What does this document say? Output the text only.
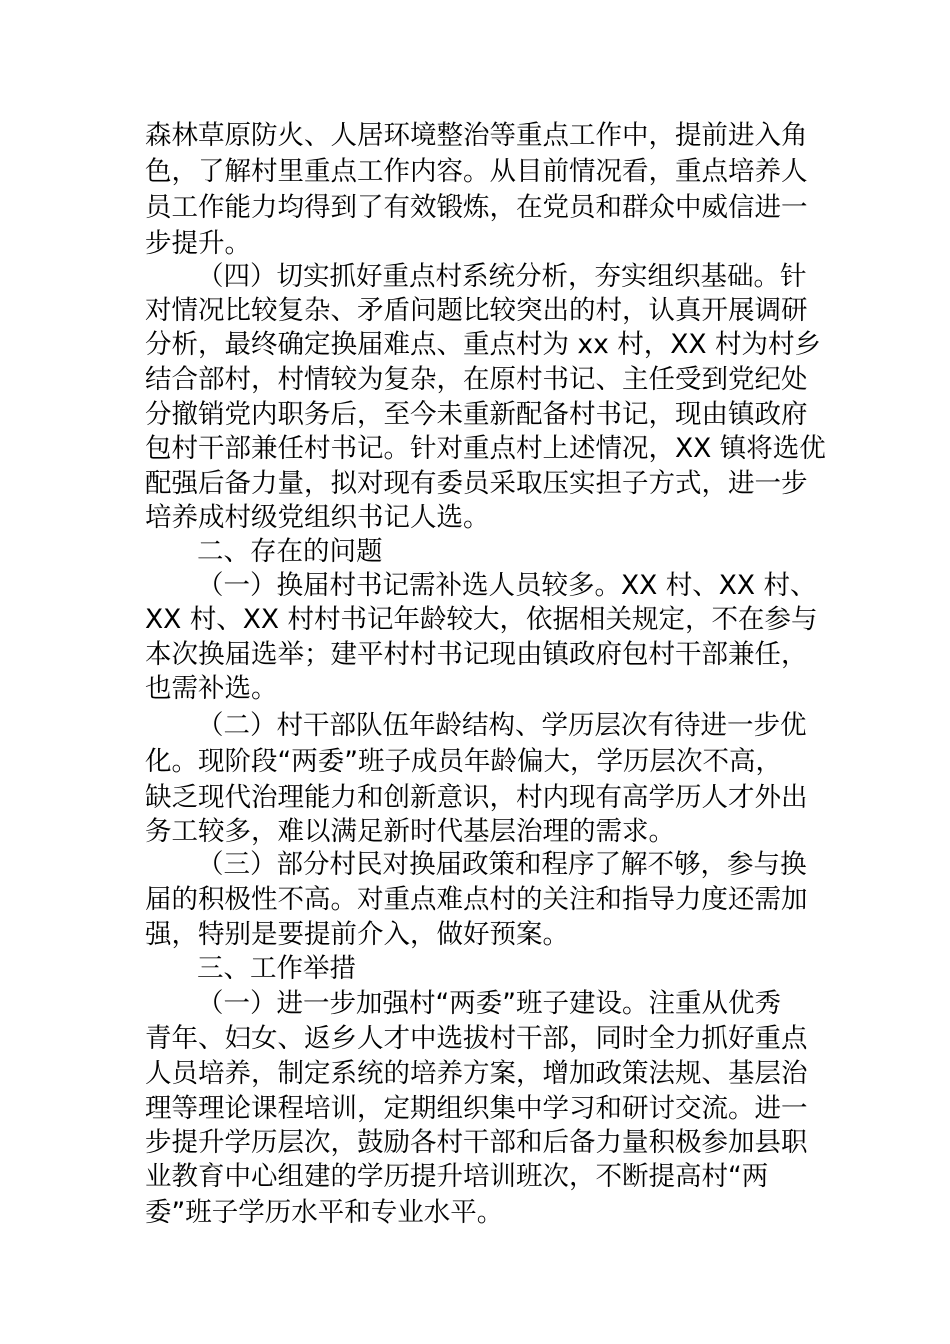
森林草原防火、人居环境整治等重点工作中，提前进入角
色，了解村里重点工作内容。从目前情况看，重点培养人
员工作能力均得到了有效锻炼，在党员和群众中威信进一
步提升。
（四）切实抓好重点村系统分析，夯实组织基础。针
对情况比较复杂、矛盾问题比较突出的村，认真开展调研
分析，最终确定换届难点、重点村为 xx 村，XX 村为村乡
结合部村，村情较为复杂，在原村书记、主任受到党纪处
分撤销党内职务后，至今未重新配备村书记，现由镇政府
包村干部兼任村书记。针对重点村上述情况，XX 镇将选优
配强后备力量，拟对现有委员采取压实担子方式，进一步
培养成村级党组织书记人选。
二、存在的问题
（一）换届村书记需补选人员较多。XX 村、XX 村、
XX 村、XX 村村书记年龄较大，依据相关规定，不在参与
本次换届选举；建平村村书记现由镇政府包村干部兼任，
也需补选。
（二）村干部队伍年龄结构、学历层次有待进一步优
化。现阶段“两委”班子成员年龄偏大，学历层次不高，
缺乏现代治理能力和创新意识，村内现有高学历人才外出
务工较多，难以满足新时代基层治理的需求。
（三）部分村民对换届政策和程序了解不够，参与换
届的积极性不高。对重点难点村的关注和指导力度还需加
强，特别是要提前介入，做好预案。
三、工作举措
（一）进一步加强村“两委”班子建设。注重从优秀
青年、妇女、返乡人才中选拔村干部，同时全力抓好重点
人员培养，制定系统的培养方案，增加政策法规、基层治
理等理论课程培训，定期组织集中学习和研讨交流。进一
步提升学历层次，鼓励各村干部和后备力量积极参加县职
业教育中心组建的学历提升培训班次，不断提高村“两
委”班子学历水平和专业水平。
